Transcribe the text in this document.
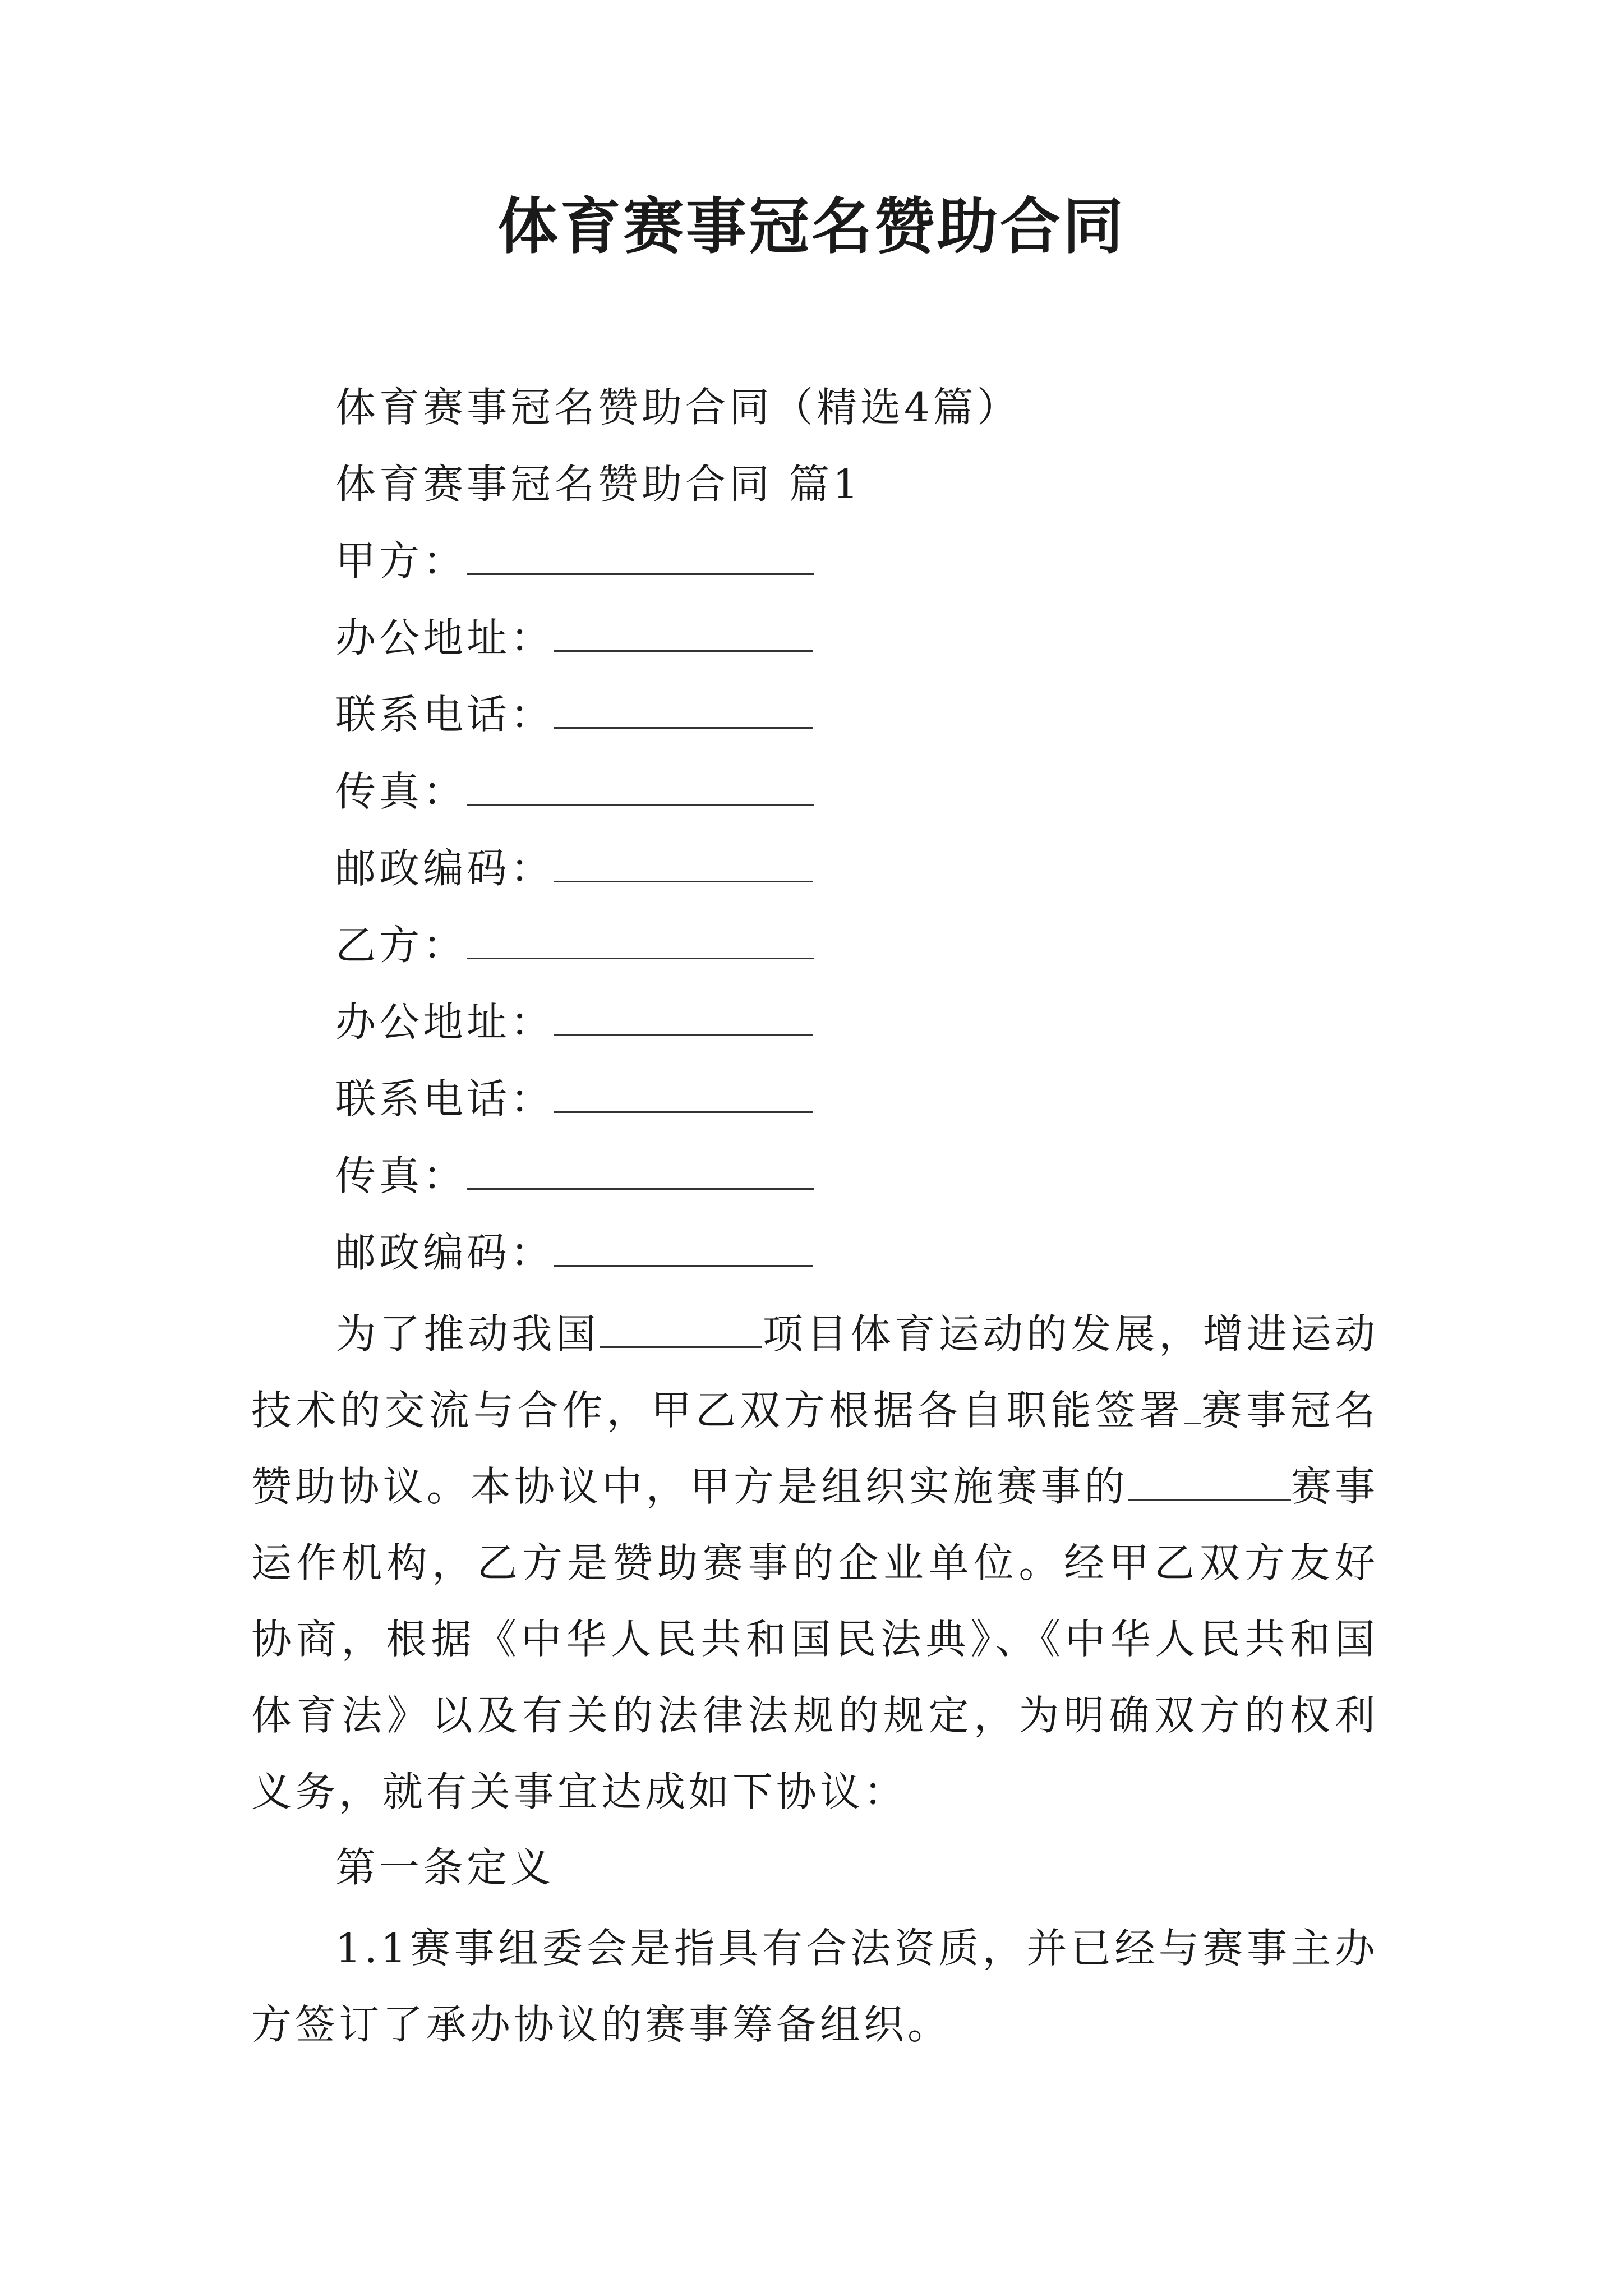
体育赛事冠名赞助合同
体育赛事冠名赞助合同（精选4篇）
体育赛事冠名赞助合同 篇1
甲方：
办公地址：
联系电话：
传真：
邮政编码：
乙方：
办公地址：
联系电话：
传真：
邮政编码：

为了推动我国	项目体育运动的发展，增进运动技术的交流与合作，甲乙双方根据各自职能签署 赛事冠名赞助协议。本协议中，甲方是组织实施赛事的	赛事运作机构，乙方是赞助赛事的企业单位。经甲乙双方友好协商，根据《中华人民共和国民法典》、《中华人民共和国体育法》以及有关的法律法规的规定，为明确双方的权利义务，就有关事宜达成如下协议：

第一条定义

1.1赛事组委会是指具有合法资质，并已经与赛事主办方签订了承办协议的赛事筹备组织。
